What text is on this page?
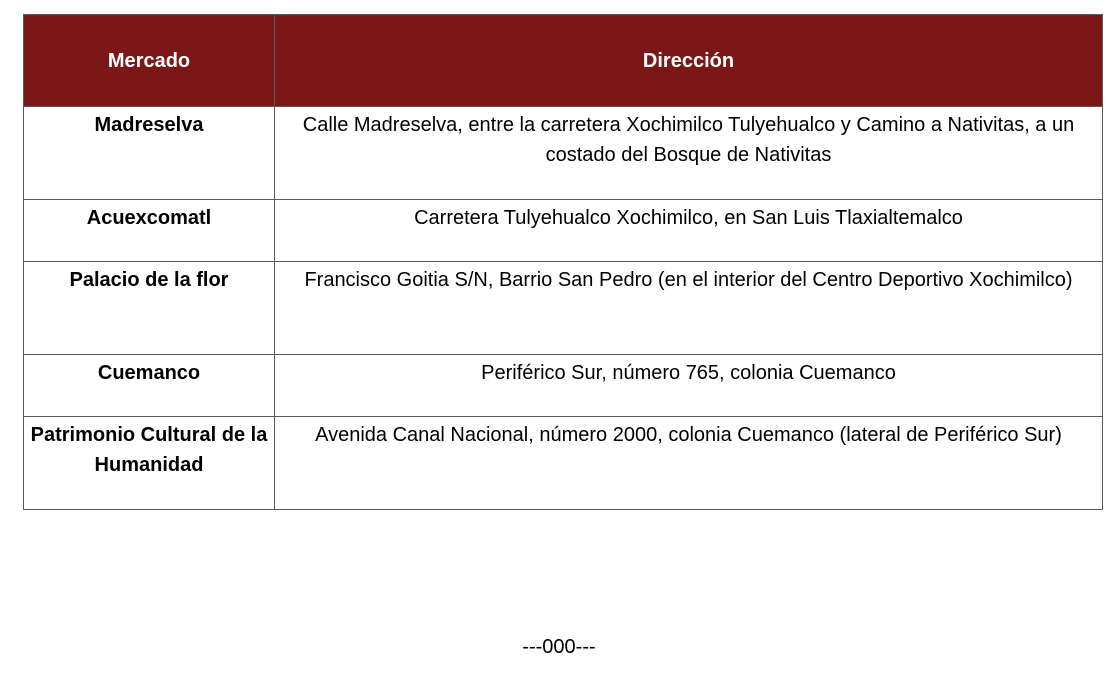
Mercado	Dirección
Madreselva	Calle Madreselva, entre la carretera Xochimilco Tulyehualco y Camino a Nativitas, a un costado del Bosque de Nativitas
Acuexcomatl	Carretera Tulyehualco Xochimilco, en San Luis Tlaxialtemalco
Palacio de la flor	Francisco Goitia S/N, Barrio San Pedro (en el interior del Centro Deportivo Xochimilco)
Cuemanco	Periférico Sur, número 765, colonia Cuemanco
Patrimonio Cultural de la Humanidad	Avenida Canal Nacional, número 2000, colonia Cuemanco (lateral de Periférico Sur)
---000---
